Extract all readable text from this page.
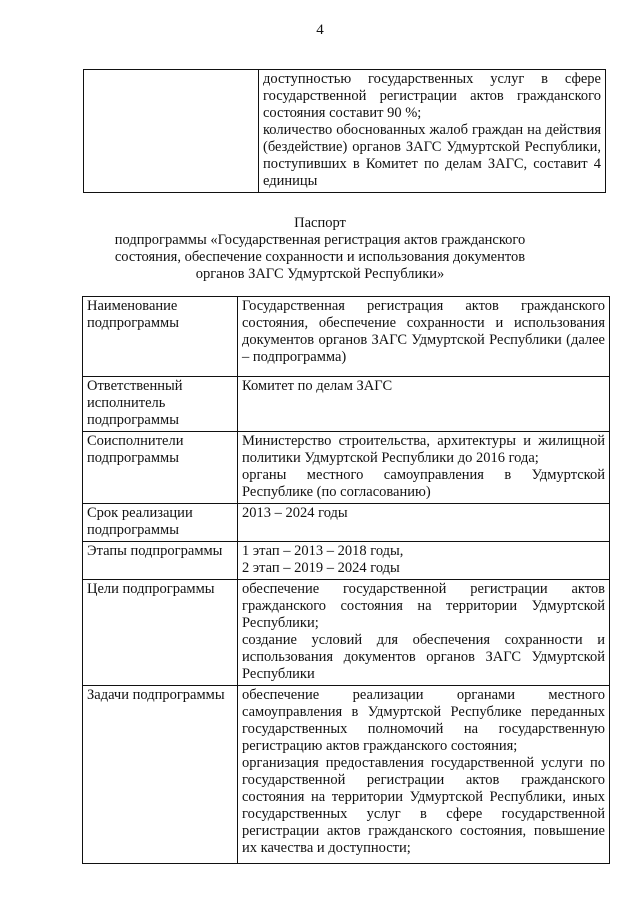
4

доступностью государственных услуг в сфере государственной регистрации актов гражданского состояния составит 90 %;

количество обоснованных жалоб граждан на действия (бездействие) органов ЗАГС Удмуртской Республики, поступивших в Комитет по делам ЗАГС, составит 4 единицы

Паспорт
подпрограммы «Государственная регистрация актов гражданского
состояния, обеспечение сохранности и использования документов
органов ЗАГС Удмуртской Республики»
Наименование подпрограммы	Государственная регистрация актов гражданского состояния, обеспечение сохранности и использования документов органов ЗАГС Удмуртской Республики (далее – подпрограмма)

Ответственный исполнитель подпрограммы	Комитет по делам ЗАГС

Соисполнители подпрограммы	Министерство строительства, архитектуры и жилищной политики Удмуртской Республики до 2016 года;

органы местного самоуправления в Удмуртской Республике (по согласованию)

Срок реализации подпрограммы	2013 – 2024 годы

Этапы подпрограммы	1 этап – 2013 – 2018 годы,

2 этап – 2019 – 2024 годы

Цели подпрограммы	обеспечение государственной регистрации актов гражданского состояния на территории Удмуртской Республики;

создание условий для обеспечения сохранности и использования документов органов ЗАГС Удмуртской Республики

Задачи подпрограммы	обеспечение реализации органами местного самоуправления в Удмуртской Республике переданных государственных полномочий на государственную регистрацию актов гражданского состояния;

организация предоставления государственной услуги по государственной регистрации актов гражданского состояния на территории Удмуртской Республики, иных государственных услуг в сфере государственной регистрации актов гражданского состояния, повышение их качества и доступности;
